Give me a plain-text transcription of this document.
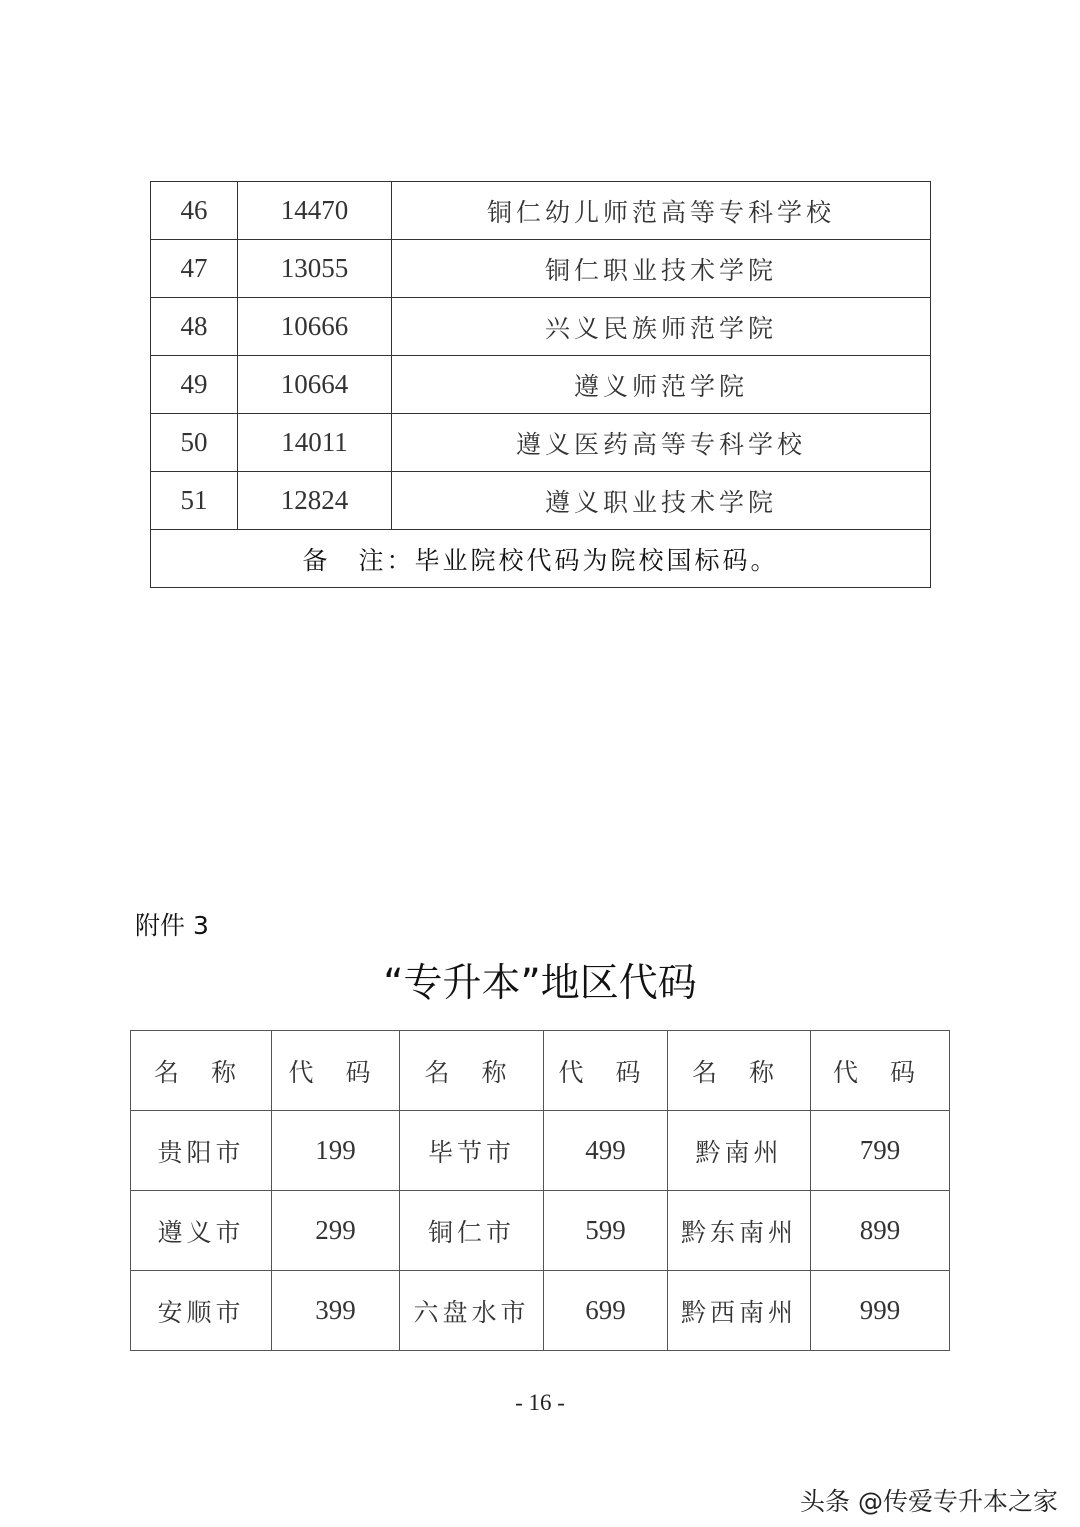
46	14470	铜仁幼儿师范高等专科学校
47	13055	铜仁职业技术学院
48	10666	兴义民族师范学院
49	10664	遵义师范学院
50	14011	遵义医药高等专科学校
51	12824	遵义职业技术学院
备　注：毕业院校代码为院校国标码。		
附件 3
“专升本”地区代码
名 称	代 码	名 称	代 码	名 称	代 码
贵阳市	199	毕节市	499	黔南州	799
遵义市	299	铜仁市	599	黔东南州	899
安顺市	399	六盘水市	699	黔西南州	999
- 16 -
头条 @传爱专升本之家
